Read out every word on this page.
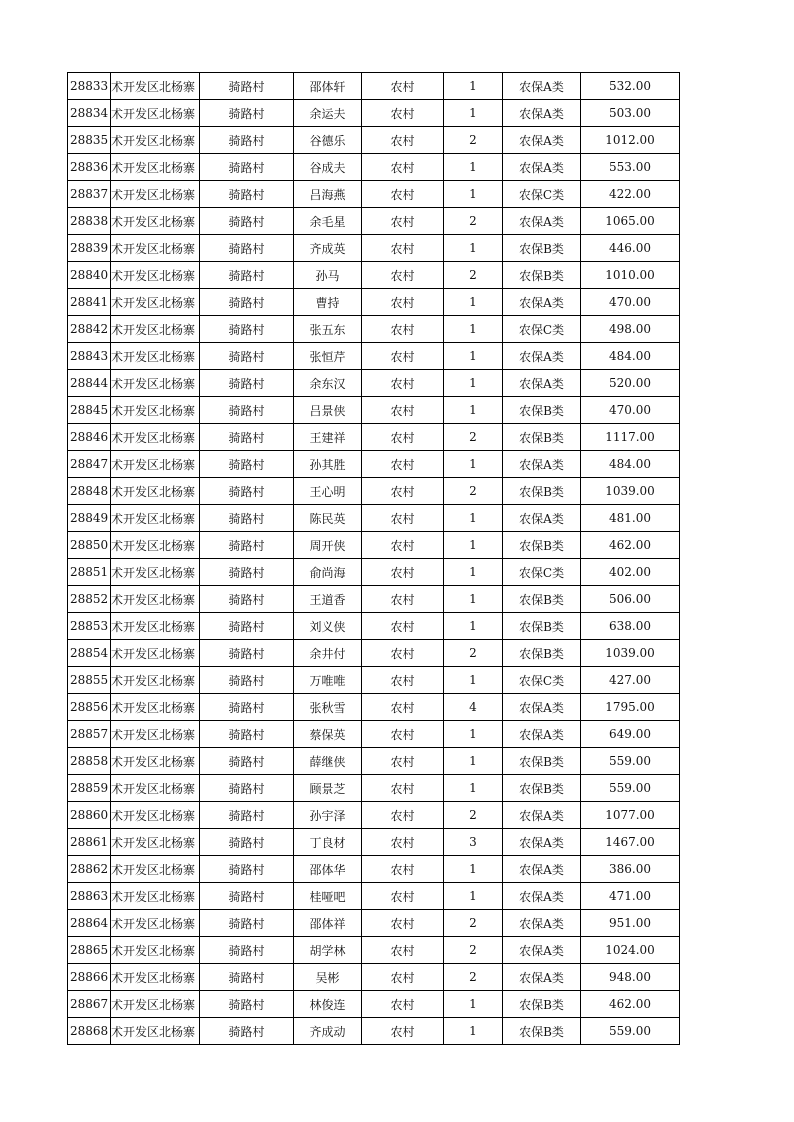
28833	术开发区北杨寨	骑路村	邵体轩	农村	1	农保A类	532.00
28834	术开发区北杨寨	骑路村	余运夫	农村	1	农保A类	503.00
28835	术开发区北杨寨	骑路村	谷德乐	农村	2	农保A类	1012.00
28836	术开发区北杨寨	骑路村	谷成夫	农村	1	农保A类	553.00
28837	术开发区北杨寨	骑路村	吕海燕	农村	1	农保C类	422.00
28838	术开发区北杨寨	骑路村	余毛星	农村	2	农保A类	1065.00
28839	术开发区北杨寨	骑路村	齐成英	农村	1	农保B类	446.00
28840	术开发区北杨寨	骑路村	孙马	农村	2	农保B类	1010.00
28841	术开发区北杨寨	骑路村	曹持	农村	1	农保A类	470.00
28842	术开发区北杨寨	骑路村	张五东	农村	1	农保C类	498.00
28843	术开发区北杨寨	骑路村	张恒芹	农村	1	农保A类	484.00
28844	术开发区北杨寨	骑路村	余东汉	农村	1	农保A类	520.00
28845	术开发区北杨寨	骑路村	吕景侠	农村	1	农保B类	470.00
28846	术开发区北杨寨	骑路村	王建祥	农村	2	农保B类	1117.00
28847	术开发区北杨寨	骑路村	孙其胜	农村	1	农保A类	484.00
28848	术开发区北杨寨	骑路村	王心明	农村	2	农保B类	1039.00
28849	术开发区北杨寨	骑路村	陈民英	农村	1	农保A类	481.00
28850	术开发区北杨寨	骑路村	周开侠	农村	1	农保B类	462.00
28851	术开发区北杨寨	骑路村	俞尚海	农村	1	农保C类	402.00
28852	术开发区北杨寨	骑路村	王道香	农村	1	农保B类	506.00
28853	术开发区北杨寨	骑路村	刘义侠	农村	1	农保B类	638.00
28854	术开发区北杨寨	骑路村	余井付	农村	2	农保B类	1039.00
28855	术开发区北杨寨	骑路村	万唯唯	农村	1	农保C类	427.00
28856	术开发区北杨寨	骑路村	张秋雪	农村	4	农保A类	1795.00
28857	术开发区北杨寨	骑路村	蔡保英	农村	1	农保A类	649.00
28858	术开发区北杨寨	骑路村	薛继侠	农村	1	农保B类	559.00
28859	术开发区北杨寨	骑路村	顾景芝	农村	1	农保B类	559.00
28860	术开发区北杨寨	骑路村	孙宇泽	农村	2	农保A类	1077.00
28861	术开发区北杨寨	骑路村	丁良材	农村	3	农保A类	1467.00
28862	术开发区北杨寨	骑路村	邵体华	农村	1	农保A类	386.00
28863	术开发区北杨寨	骑路村	桂哑吧	农村	1	农保A类	471.00
28864	术开发区北杨寨	骑路村	邵体祥	农村	2	农保A类	951.00
28865	术开发区北杨寨	骑路村	胡学林	农村	2	农保A类	1024.00
28866	术开发区北杨寨	骑路村	吴彬	农村	2	农保A类	948.00
28867	术开发区北杨寨	骑路村	林俊连	农村	1	农保B类	462.00
28868	术开发区北杨寨	骑路村	齐成动	农村	1	农保B类	559.00
